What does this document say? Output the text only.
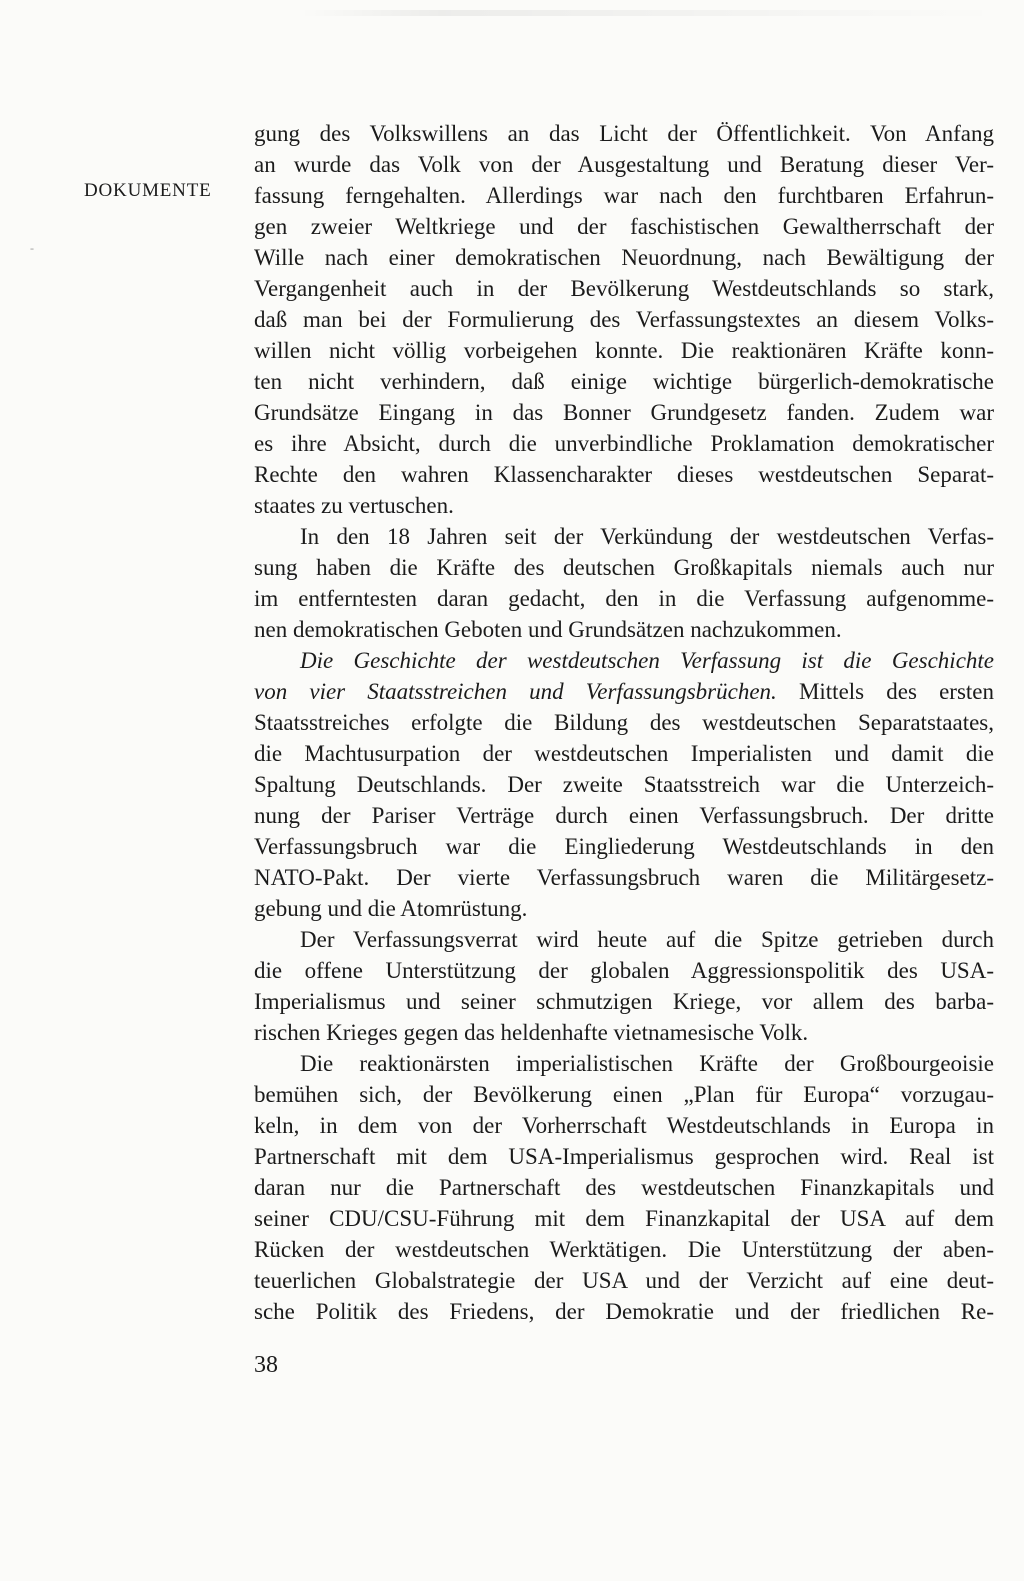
DOKUMENTE

-

gung des Volkswillens an das Licht der Öffentlichkeit. Von Anfang
an wurde das Volk von der Ausgestaltung und Beratung dieser Ver-
fassung ferngehalten. Allerdings war nach den furchtbaren Erfahrun-
gen zweier Weltkriege und der faschistischen Gewaltherrschaft der
Wille nach einer demokratischen Neuordnung, nach Bewältigung der
Vergangenheit auch in der Bevölkerung Westdeutschlands so stark,
daß man bei der Formulierung des Verfassungstextes an diesem Volks-
willen nicht völlig vorbeigehen konnte. Die reaktionären Kräfte konn-
ten nicht verhindern, daß einige wichtige bürgerlich-demokratische
Grundsätze Eingang in das Bonner Grundgesetz fanden. Zudem war
es ihre Absicht, durch die unverbindliche Proklamation demokratischer
Rechte den wahren Klassencharakter dieses westdeutschen Separat-
staates zu vertuschen.

In den 18 Jahren seit der Verkündung der westdeutschen Verfas-
sung haben die Kräfte des deutschen Großkapitals niemals auch nur
im entferntesten daran gedacht, den in die Verfassung aufgenomme-
nen demokratischen Geboten und Grundsätzen nachzukommen.

Die Geschichte der westdeutschen Verfassung ist die Geschichte
von vier Staatsstreichen und Verfassungsbrüchen. Mittels des ersten
Staatsstreiches erfolgte die Bildung des westdeutschen Separatstaates,
die Machtusurpation der westdeutschen Imperialisten und damit die
Spaltung Deutschlands. Der zweite Staatsstreich war die Unterzeich-
nung der Pariser Verträge durch einen Verfassungsbruch. Der dritte
Verfassungsbruch war die Eingliederung Westdeutschlands in den
NATO-Pakt. Der vierte Verfassungsbruch waren die Militärgesetz-
gebung und die Atomrüstung.

Der Verfassungsverrat wird heute auf die Spitze getrieben durch
die offene Unterstützung der globalen Aggressionspolitik des USA-
Imperialismus und seiner schmutzigen Kriege, vor allem des barba-
rischen Krieges gegen das heldenhafte vietnamesische Volk.

Die reaktionärsten imperialistischen Kräfte der Großbourgeoisie
bemühen sich, der Bevölkerung einen „Plan für Europa“ vorzugau-
keln, in dem von der Vorherrschaft Westdeutschlands in Europa in
Partnerschaft mit dem USA-Imperialismus gesprochen wird. Real ist
daran nur die Partnerschaft des westdeutschen Finanzkapitals und
seiner CDU/CSU-Führung mit dem Finanzkapital der USA auf dem
Rücken der westdeutschen Werktätigen. Die Unterstützung der aben-
teuerlichen Globalstrategie der USA und der Verzicht auf eine deut-
sche Politik des Friedens, der Demokratie und der friedlichen Re-

38
